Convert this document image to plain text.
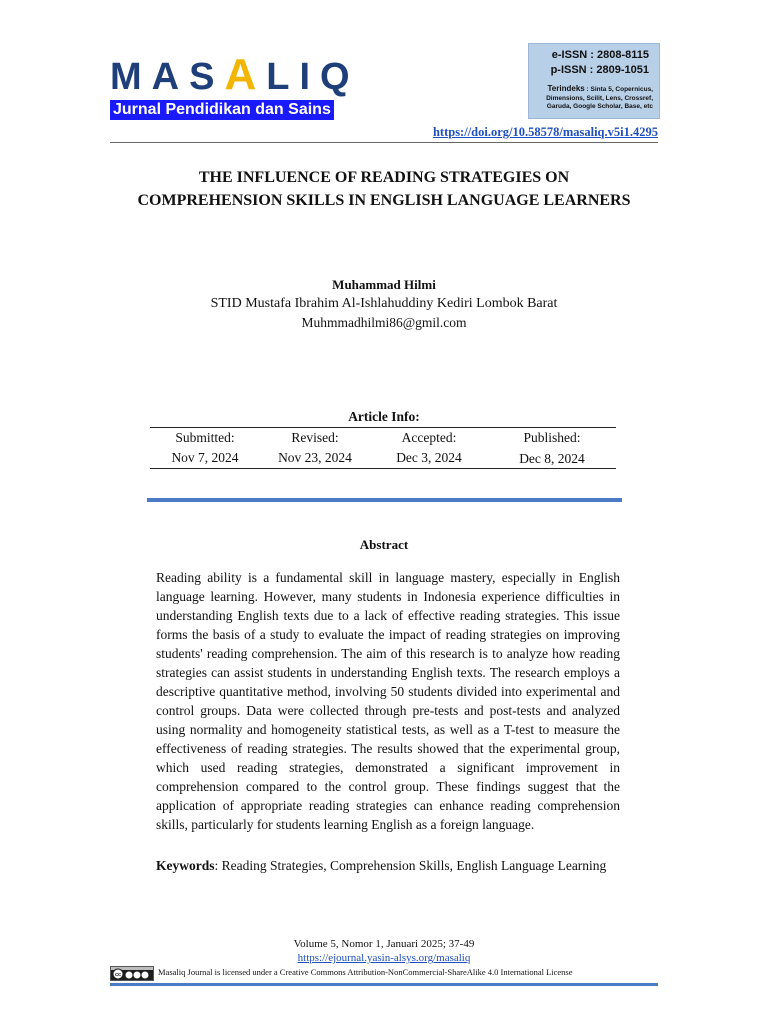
MASALIQ
Jurnal Pendidikan dan Sains
e-ISSN : 2808-8115
p-ISSN : 2809-1051
Terindeks : Sinta 5, Copernicus, Dimensions, Scilit, Lens, Crossref, Garuda, Google Scholar, Base, etc
https://doi.org/10.58578/masaliq.v5i1.4295
THE INFLUENCE OF READING STRATEGIES ON
COMPREHENSION SKILLS IN ENGLISH LANGUAGE LEARNERS
Muhammad Hilmi
STID Mustafa Ibrahim Al-Ishlahuddiny Kediri Lombok Barat
Muhmmadhilmi86@gmil.com
Article Info:
Submitted:
Nov 7, 2024
Revised:
Nov 23, 2024
Accepted:
Dec 3, 2024
Published:
Dec 8, 2024
Abstract
Reading ability is a fundamental skill in language mastery, especially in English language learning. However, many students in Indonesia experience difficulties in understanding English texts due to a lack of effective reading strategies. This issue forms the basis of a study to evaluate the impact of reading strategies on improving students' reading comprehension. The aim of this research is to analyze how reading strategies can assist students in understanding English texts. The research employs a descriptive quantitative method, involving 50 students divided into experimental and control groups. Data were collected through pre-tests and post-tests and analyzed using normality and homogeneity statistical tests, as well as a T-test to measure the effectiveness of reading strategies. The results showed that the experimental group, which used reading strategies, demonstrated a significant improvement in comprehension compared to the control group. These findings suggest that the application of appropriate reading strategies can enhance reading comprehension skills, particularly for students learning English as a foreign language.
Keywords: Reading Strategies, Comprehension Skills, English Language Learning
Volume 5, Nomor 1, Januari 2025; 37-49
https://ejournal.yasin-alsys.org/masaliq
cc	Masaliq Journal is licensed under a Creative Commons Attribution-NonCommercial-ShareAlike 4.0 International License
